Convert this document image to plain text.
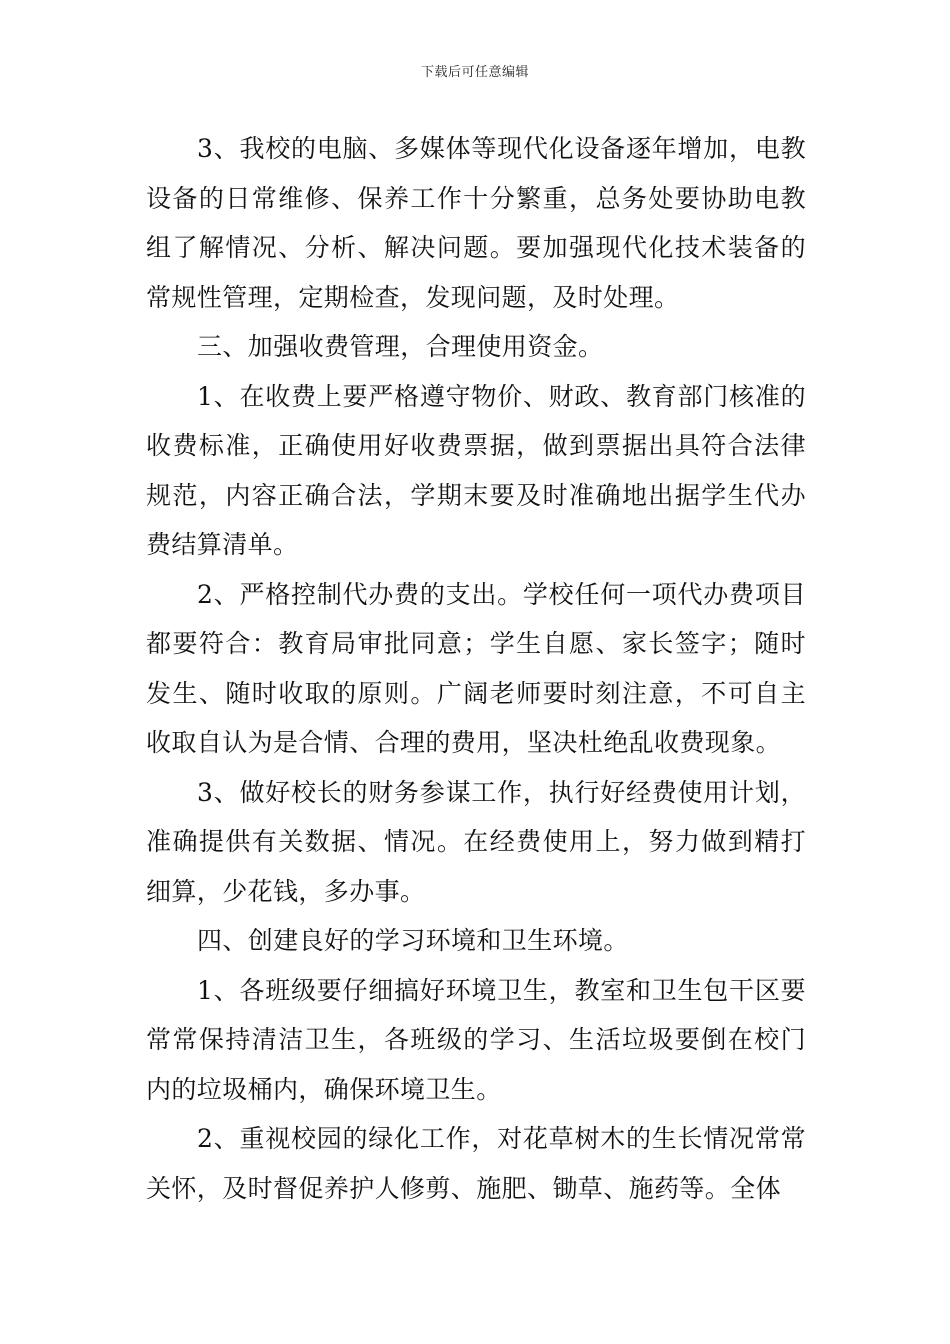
下载后可任意编辑

3、我校的电脑、多媒体等现代化设备逐年增加，电教设备的日常维修、保养工作十分繁重，总务处要协助电教组了解情况、分析、解决问题。要加强现代化技术装备的常规性管理，定期检查，发现问题，及时处理。

三、加强收费管理，合理使用资金。

1、在收费上要严格遵守物价、财政、教育部门核准的收费标准，正确使用好收费票据，做到票据出具符合法律规范，内容正确合法，学期末要及时准确地出据学生代办费结算清单。

2、严格控制代办费的支出。学校任何一项代办费项目都要符合：教育局审批同意；学生自愿、家长签字；随时发生、随时收取的原则。广阔老师要时刻注意，不可自主收取自认为是合情、合理的费用，坚决杜绝乱收费现象。

3、做好校长的财务参谋工作，执行好经费使用计划，准确提供有关数据、情况。在经费使用上，努力做到精打细算，少花钱，多办事。

四、创建良好的学习环境和卫生环境。

1、各班级要仔细搞好环境卫生，教室和卫生包干区要常常保持清洁卫生，各班级的学习、生活垃圾要倒在校门内的垃圾桶内，确保环境卫生。

2、重视校园的绿化工作，对花草树木的生长情况常常关怀，及时督促养护人修剪、施肥、锄草、施药等。全体
